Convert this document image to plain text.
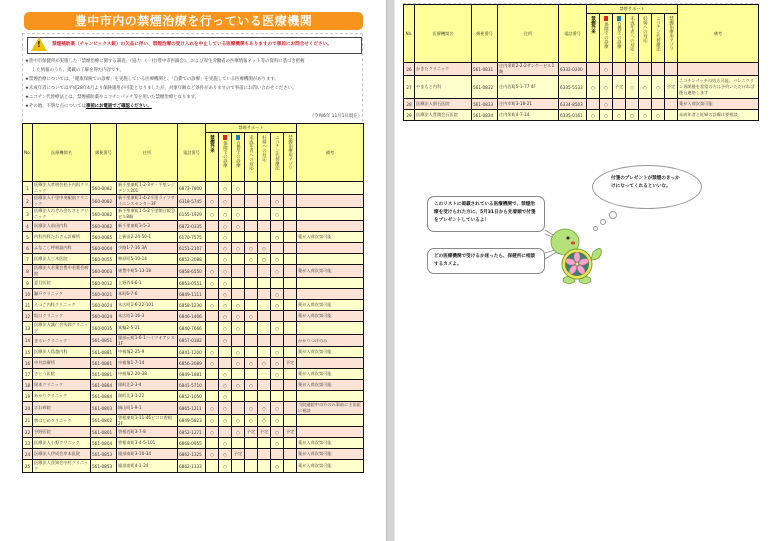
豊中市内の禁煙治療を行っている医療機関
! 禁煙補助薬（チャンピックス錠）の欠品に伴い、禁煙治療の受け入れを中止している医療機関もありますので事前にお問合せください。
★豊中市保健所が実施した「禁煙治療に関する調査」（協力：(一社)豊中市医師会）、および厚生労働省の医療情報ネット等の資料に基づき把握
した情報のうち、掲載の了解を得た内容です。
★禁煙治療については、「健康保険での診療」を実施している医療機関と、「自費での診療」を実施している医療機関があります。
★未成年者については平成28年4月より保険適用が可能となりましたが、対象年齢など条件がありますので事前にお問い合わせください。
★ニコチン代替療法とは、禁煙補助薬やニコチンパッチ等を用いた禁煙治療となります。
★その他、不明な点については事前にお電話でご確認ください。
（令和6年 11月1日現在）
No.	医療機関名	郵便番号	住所	電話番号	禁煙サポート							備考

					禁煙外来	保険での診療	自費での診療	未成年者への対応	妊婦への対応	ニコチン代替療法	禁煙治療用アプリ	

1	医療法人孝明会松下内科クリニック	560-0082	新千里東町1-2-3ザ・千里レジデンス201	6873-7800		○	○					
2	医療法人千里中央駅前クリニック	560-0082	新千里東町1-4-2千里ライフサイエンスセンター3F	6318-5745	○	○				○		
3	医療法人のぞみ会ちさとクリニック	560-0082	新千里東町1-5-2千里朝日阪急ビル8階	6155-1929	○	○	○			○		
4	医療法人前田内科	560-0082	新千里東町3-5-3	6872-0335		○	○					
5	内科外科たわさん診療所	560-0085	上新田2-24-50-1	6170-7575		○				○		薬が入荷次第可能
6	ふなこし呼吸器内科	560-0004	少路1-7-16 3A	6151-2107		○	○	○	○			
7	医療法人三木医院	560-0055	柴原町5-10-14	6852-2088		○		○	○	○		
8	医療法人若葉会豊中若葉会病院	560-0003	東豊中町5-13-18	6858-6550	○	○				○		薬が入荷次第可能
9	夏目医院	560-0012	上野西4-6-1	6853-0551	○	○						
10	瀬戸クリニック	560-0021	本町6-7-6	6849-1111		○				○		
11	えつこ内科クリニック	560-0024	末広町1-6-22-101	6858-1230	○	○	○			○		薬が入荷次第可能
12	坂口クリニック	560-0024	末広町2-16-3	6846-1406		○	○	○				薬が入荷次第可能
13	医療法人誠仁会浅岡クリニック	560-0035	箕輪2-5-21	6840-7666		○	○			○		
14	まるいクリニック	561-0851	服部元町1-6-1ハイツオアシス1F	6857-0182		○						かかりつけのみ
15	医療法人島越内科	561-0881	中桜塚2-25-9	6841-1200	○		○			○		薬が入荷次第可能
16	中井診療所	561-0881	中桜塚1-7-14	6856-2089	○		○	○	○	○	予定	
17	さとう医院	561-0881	中桜塚2-20-38	6849-1881		○				○		薬が入荷次第可能
18	岡本クリニック	561-0884	岡町北2-3-4	6841-5710		○	○	○				薬が入荷次第可能
19	あかりクリニック	561-0884	岡町北3-1-22	6852-1050		○						
20	さわ病院	561-0803	城山町1-9-1	6865-1211	○	○		○	○	○		当院通院中の方のみ事前に主治医に相談
21	曽はじめクリニック	561-0802	曽根東町1-11-46ピコロ曽根2F	6849-5823	○	○	○	○	○	○		
22	谷野医院	561-0801	曽根西町3-7-8	6852-1271	○		○	予定	予定	○	予定	
23	医療法人小野クリニック	561-0804	曽根南町3-4-5-101	6868-0955		○				○		薬が入荷次第可能
24	医療法人伊成会岸本医院	561-0853	服部南町3-10-34	6862-1325	○	○	予定					薬が入荷次第可能
25	医療法人良知会中村クリニック	561-0853	服部南町4-1-24	6862-1333		○				○		薬が入荷次第可能
No.	医療機関名	郵便番号	住所	電話番号	禁煙サポート							備考

					禁煙外来	保険での診療	自費での診療	未成年者への対応	妊婦への対応	ニコチン代替療法	禁煙治療用アプリ	

26	かきたクリニック	561-0831	庄内栄町2-2-2サンケービル1階	6332-0200		○						
27	やまもと内科	561-0832	庄内西町5-1-77 4F	6335-5533	○	○	予定	○	○	○	予定	ニコチンパッチの処方可能。バレニクリン再開後を希望の方は予約いただければ後日連絡します
28	医療法人朋石医院	561-0833	庄内幸町3-18-21	6334-8503		○						薬が入荷次第可能
29	医療法人豊潤会石医院	561-0834	庄内栄町4-7-14	6335-0161	○	○	○	○	○	○		未成年者と妊婦の診療は要相談
付箋のプレゼントが禁煙のきっかけになってくれるといいな。
このリストに掲載されている医療機関で、禁煙治療を受けられた方に、5月31日から先着順で付箋をプレゼントしているよ！
どの医療機関で受けるか迷ったら、保健所に相談するカメよ。
